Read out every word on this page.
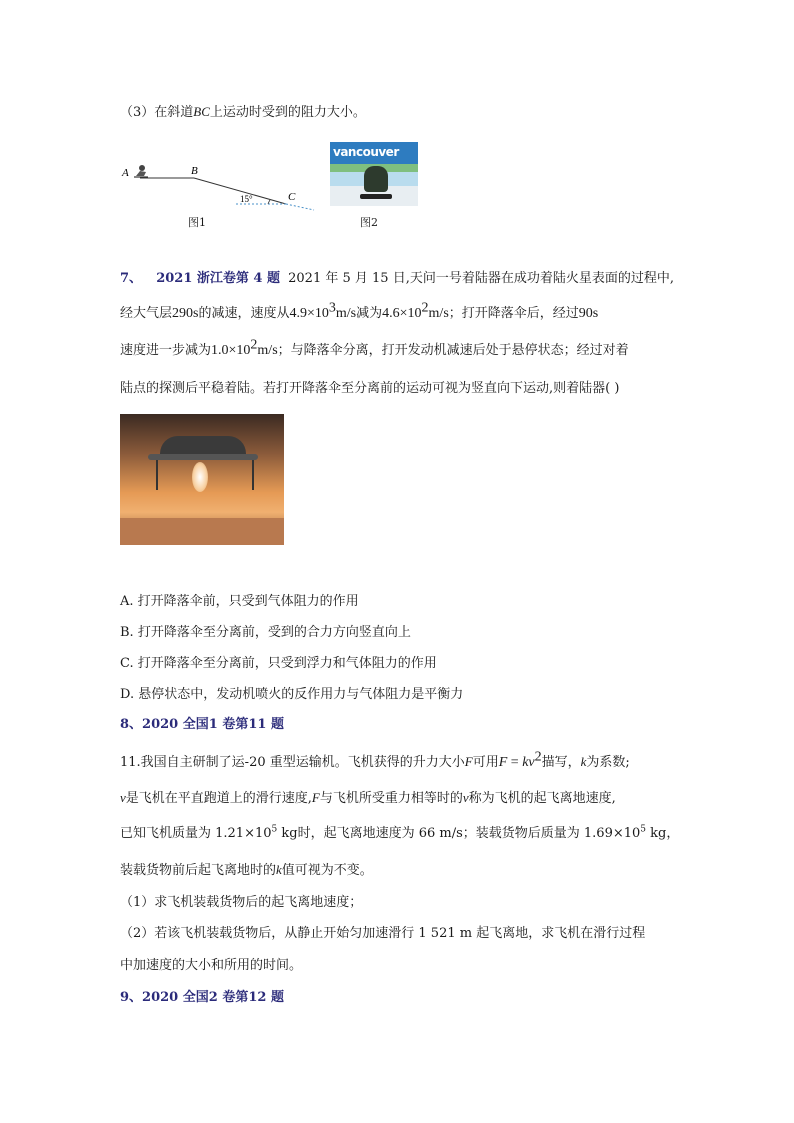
（3）在斜道BC上运动时受到的阻力大小。
A	B
C
15°
图1
vancouver
图2
7、 2021 浙江卷第 4 题 2021 年 5 月 15 日,天问一号着陆器在成功着陆火星表面的过程中,
经大气层290s的减速，速度从$4.9\times 10^3m/s$减为$4.6\times 10^2m/s$；打开降落伞后，经过90s
速度进一步减为$1.0\times 10^2m/s$；与降落伞分离，打开发动机减速后处于悬停状态；经过对着
陆点的探测后平稳着陆。若打开降落伞至分离前的运动可视为竖直向下运动,则着陆器( )
A. 打开降落伞前，只受到气体阻力的作用
B. 打开降落伞至分离前，受到的合力方向竖直向上
C. 打开降落伞至分离前，只受到浮力和气体阻力的作用
D. 悬停状态中，发动机喷火的反作用力与气体阻力是平衡力
8、2020 全国1 卷第11 题
11.我国自主研制了运-20 重型运输机。飞机获得的升力大小F可用$F = kv^2$描写，k为系数;
v是飞机在平直跑道上的滑行速度,F与飞机所受重力相等时的v称为飞机的起飞离地速度,
已知飞机质量为 $1.21\times 10^5$ kg时，起飞离地速度为 66 m/s；装载货物后质量为 $1.69\times 10^5$ kg，
装载货物前后起飞离地时的k值可视为不变。
（1）求飞机装载货物后的起飞离地速度；
（2）若该飞机装载货物后，从静止开始匀加速滑行 1 521 m 起飞离地，求飞机在滑行过程
中加速度的大小和所用的时间。
9、2020 全国2 卷第12 题
